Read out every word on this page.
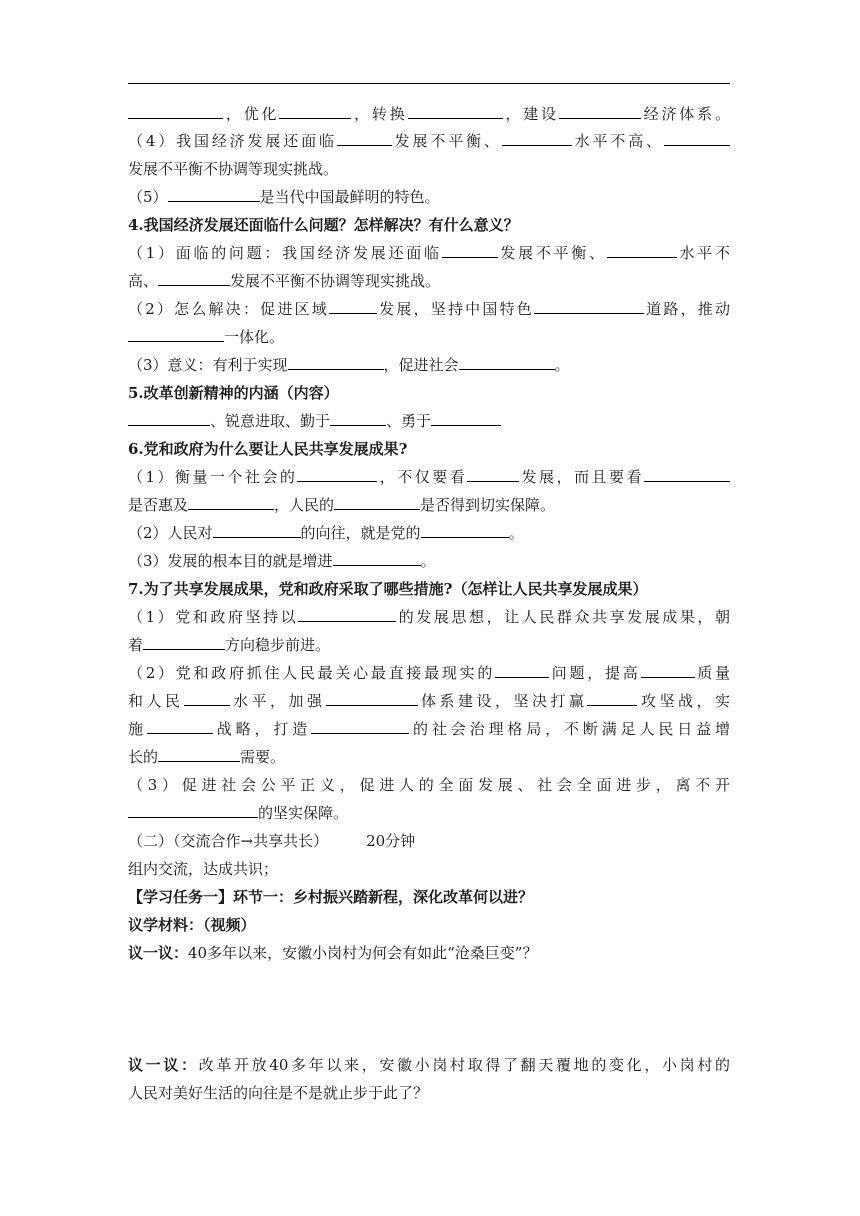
，优化	，转换	，建设	经济体系。
（4）我国经济发展还面临	发展不平衡、	水平不高、
发展不平衡不协调等现实挑战。
（5）	是当代中国最鲜明的特色。
4.我国经济发展还面临什么问题？怎样解决？有什么意义？
（1）面临的问题：我国经济发展还面临	发展不平衡、	水平不
高、	发展不平衡不协调等现实挑战。
（2）怎么解决：促进区域	发展，坚持中国特色	道路，推动
一体化。
（3）意义：有利于实现	，促进社会	。
5.改革创新精神的内涵（内容）
、锐意进取、勤于	、勇于
6.党和政府为什么要让人民共享发展成果?
（1）衡量一个社会的	，不仅要看	发展，而且要看
是否惠及	，人民的	是否得到切实保障。
（2）人民对	的向往，就是党的	。
（3）发展的根本目的就是增进	。
7.为了共享发展成果，党和政府采取了哪些措施?（怎样让人民共享发展成果）
（1）党和政府坚持以	的发展思想，让人民群众共享发展成果，朝
着	方向稳步前进。
（2）党和政府抓住人民最关心最直接最现实的	问题，提高	质量
和人民	水平，加强	体系建设，坚决打赢	攻坚战，实
施	战略，打造	的社会治理格局，不断满足人民日益增
长的	需要。
（3）促进社会公平正义，促进人的全面发展、社会全面进步，离不开
的坚实保障。
（二）（交流合作→共享共长）	20分钟
组内交流，达成共识；
【学习任务一】环节一：乡村振兴踏新程，深化改革何以进？
议学材料：（视频）
议一议：40多年以来，安徽小岗村为何会有如此“沧桑巨变”？
议一议：改革开放40多年以来，安徽小岗村取得了翻天覆地的变化，小岗村的
人民对美好生活的向往是不是就止步于此了？
